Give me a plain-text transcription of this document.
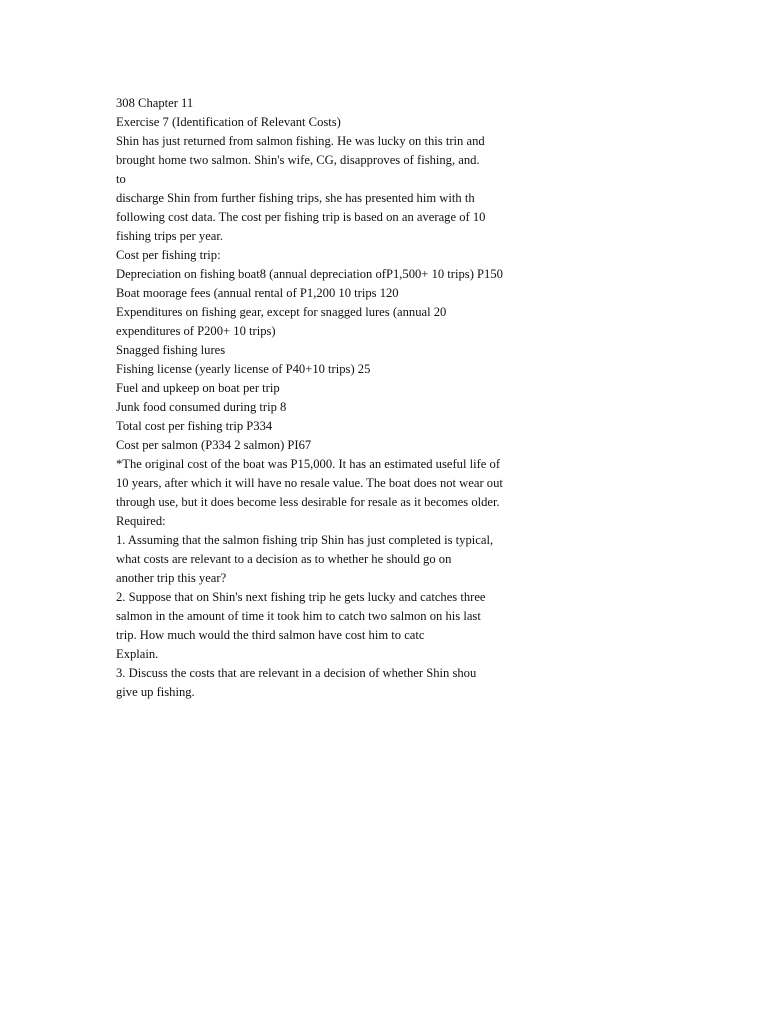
308 Chapter 11
Exercise 7 (Identification of Relevant Costs)
Shin has just returned from salmon fishing. He was lucky on this trin and
brought home two salmon. Shin's wife, CG, disapproves of fishing, and.
to
discharge Shin from further fishing trips, she has presented him with th
following cost data. The cost per fishing trip is based on an average of 10
fishing trips per year.
Cost per fishing trip:
Depreciation on fishing boat8 (annual depreciation ofP1,500+ 10 trips) P150
Boat moorage fees (annual rental of P1,200 10 trips 120
Expenditures on fishing gear, except for snagged lures (annual 20
expenditures of P200+ 10 trips)
Snagged fishing lures
Fishing license (yearly license of P40+10 trips) 25
Fuel and upkeep on boat per trip
Junk food consumed during trip 8
Total cost per fishing trip P334
Cost per salmon (P334 2 salmon) PI67
*The original cost of the boat was P15,000. It has an estimated useful life of
10 years, after which it will have no resale value. The boat does not wear out
through use, but it does become less desirable for resale as it becomes older.
Required:
1. Assuming that the salmon fishing trip Shin has just completed is typical,
what costs are relevant to a decision as to whether he should go on
another trip this year?
2. Suppose that on Shin's next fishing trip he gets lucky and catches three
salmon in the amount of time it took him to catch two salmon on his last
trip. How much would the third salmon have cost him to catc
Explain.
3. Discuss the costs that are relevant in a decision of whether Shin shou
give up fishing.
